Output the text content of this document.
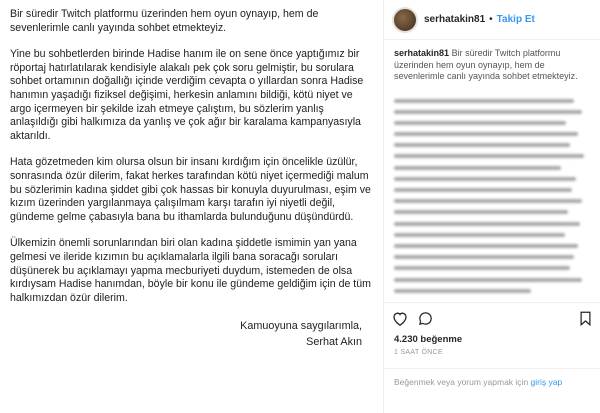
Bir süredir Twitch platformu üzerinden hem oyun oynayıp, hem de sevenlerimle canlı yayında sohbet etmekteyiz.

Yine bu sohbetlerden birinde Hadise hanım ile on sene önce yaptığımız bir röportaj hatırlatılarak kendisiyle alakalı pek çok soru gelmiştir, bu sorulara sohbet ortamının doğallığı içinde verdiğim cevapta o yıllardan sonra Hadise hanımın yaşadığı fiziksel değişimi, herkesin anlamını bildiği, kötü niyet ve argo içermeyen bir şekilde izah etmeye çalıştım, bu sözlerim yanlış anlaşıldığı gibi halkımıza da yanlış ve çok ağır bir karalama kampanyasıyla aktarıldı.

Hata gözetmeden kim olursa olsun bir insanı kırdığım için öncelikle üzülür, sonrasında özür dilerim, fakat herkes tarafından kötü niyet içermediği malum bu sözlerimin kadına şiddet gibi çok hassas bir konuyla duyurulması, eşim ve kızım üzerinden yargılanmaya çalışılmam karşı tarafın iyi niyetli değil, gündeme gelme çabasıyla bana bu ithamlarda bulunduğunu düşündürdü.

Ülkemizin önemli sorunlarından biri olan kadına şiddetle ismimin yan yana gelmesi ve ileride kızımın bu açıklamalarla ilgili bana soracağı soruları düşünerek bu açıklamayı yapma mecburiyeti duydum, istemeden de olsa kırdıysam Hadise hanımdan, böyle bir konu ile gündeme geldiğim için de tüm halkımızdan özür dilerim.

Kamuoyuna saygılarımla,
Serhat Akın
serhatakin81 • Takip Et
serhatakin81 Bir süredir Twitch platformu üzerinden hem oyun oynayıp, hem de sevenlerimle canlı yayında sohbet etmekteyiz.
4.230 beğenme
1 SAAT ÖNCE
Beğenmek veya yorum yapmak için giriş yap
